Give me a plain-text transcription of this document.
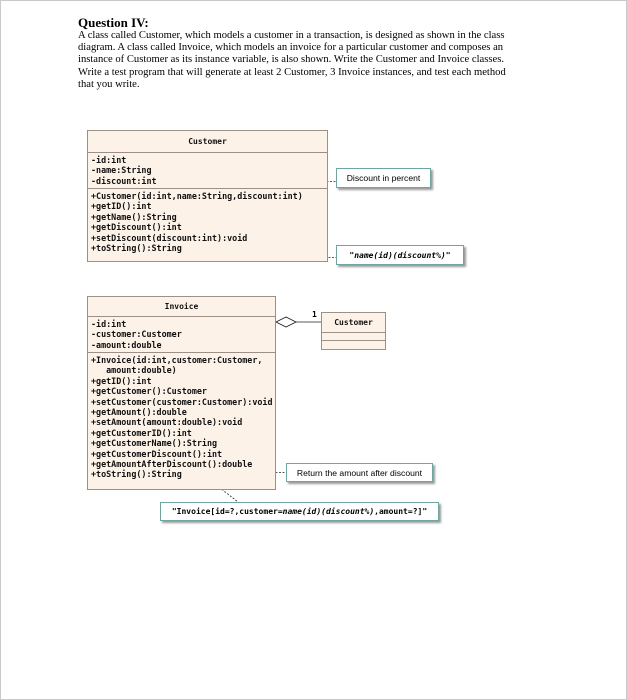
Question IV:
A class called Customer, which models a customer in a transaction, is designed as shown in the class
diagram. A class called Invoice, which models an invoice for a particular customer and composes an
instance of Customer as its instance variable, is also shown. Write the Customer and Invoice classes.
Write a test program that will generate at least 2 Customer, 3 Invoice instances, and test each method
that you write.
Customer
-id:int
-name:String
-discount:int
+Customer(id:int,name:String,discount:int)
+getID():int
+getName():String
+getDiscount():int
+setDiscount(discount:int):void
+toString():String
Discount in percent
" name(id)(discount%) "
Invoice
-id:int
-customer:Customer
-amount:double
+Invoice(id:int,customer:Customer,
amount:double)
+getID():int
+getCustomer():Customer
+setCustomer(customer:Customer):void
+getAmount():double
+setAmount(amount:double):void
+getCustomerID():int
+getCustomerName():String
+getCustomerDiscount():int
+getAmountAfterDiscount():double
+toString():String
1
Customer
Return the amount after discount
"Invoice[id=?,customer= name(id)(discount%) ,amount=?]"
